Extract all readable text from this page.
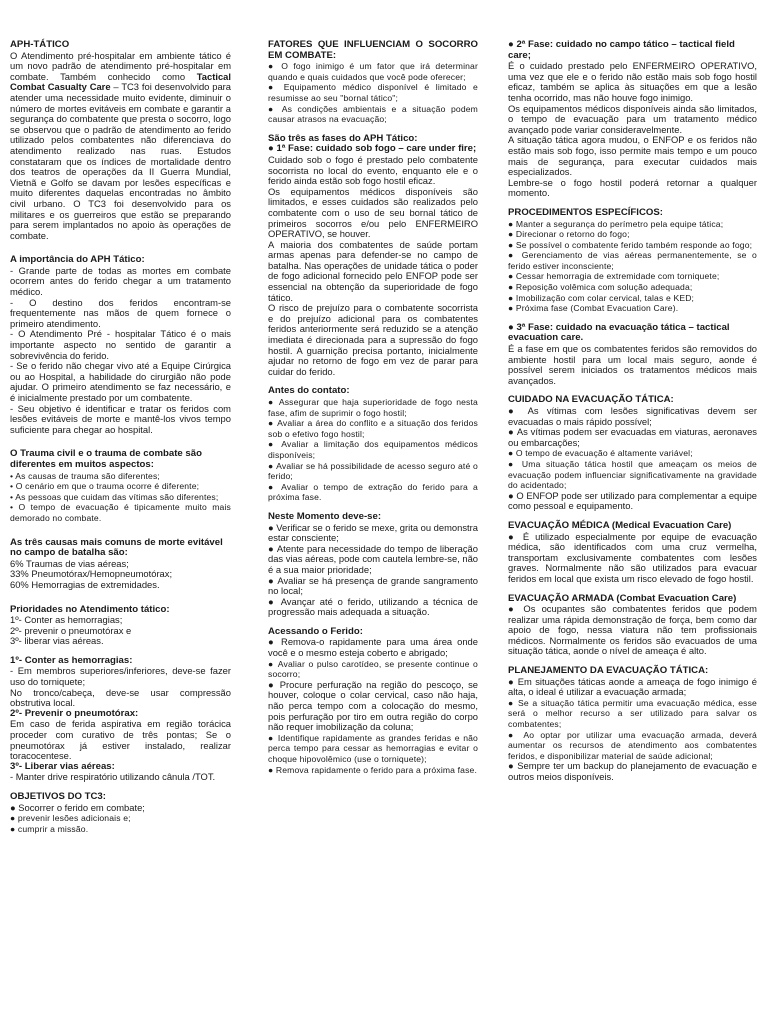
APH-TÁTICO

O Atendimento pré-hospitalar em ambiente tático é um novo padrão de atendimento pré-hospitalar em combate. Também conhecido como Tactical Combat Casualty Care – TC3 foi desenvolvido para atender uma necessidade muito evidente, diminuir o número de mortes evitáveis em combate e garantir a segurança do combatente que presta o socorro, logo se observou que o padrão de atendimento ao ferido utilizado pelos combatentes não diferenciava do atendimento realizado nas ruas. Estudos constataram que os índices de mortalidade dentro dos teatros de operações da II Guerra Mundial, Vietnã e Golfo se davam por lesões específicas e muito diferentes daquelas encontradas no âmbito civil urbano. O TC3 foi desenvolvido para os militares e os guerreiros que estão se preparando para serem implantados no apoio às operações de combate.

A importância do APH Tático:
- Grande parte de todas as mortes em combate ocorrem antes do ferido chegar a um tratamento médico.
- O destino dos feridos encontram-se frequentemente nas mãos de quem fornece o primeiro atendimento.
- O Atendimento Pré - hospitalar Tático é o mais importante aspecto no sentido de garantir a sobrevivência do ferido.
- Se o ferido não chegar vivo até a Equipe Cirúrgica ou ao Hospital, a habilidade do cirurgião não pode ajudar. O primeiro atendimento se faz necessário, e é inicialmente prestado por um combatente.
- Seu objetivo é identificar e tratar os feridos com lesões evitáveis de morte e mantê-los vivos tempo suficiente para chegar ao hospital.
O Trauma civil e o trauma de combate são diferentes em muitos aspectos:
• As causas de trauma são diferentes;
• O cenário em que o trauma ocorre é diferente;
• As pessoas que cuidam das vítimas são diferentes;
• O tempo de evacuação é tipicamente muito mais demorado no combate.
As três causas mais comuns de morte evitável no campo de batalha são:
6% Traumas de vias aéreas;
33% Pneumotórax/Hemopneumotórax;
60% Hemorragias de extremidades.
Prioridades no Atendimento tático:
1º- Conter as hemorragias;
2º- prevenir o pneumotórax e
3º- liberar vias aéreas.
1º- Conter as hemorragias:
- Em membros superiores/inferiores, deve-se fazer uso do torniquete;
No tronco/cabeça, deve-se usar compressão obstrutiva local.
2º- Prevenir o pneumotórax:

Em caso de ferida aspirativa em região torácica proceder com curativo de três pontas; Se o pneumotórax já estiver instalado, realizar toracocentese.

3º- Liberar vias aéreas:

- Manter drive respiratório utilizando cânula /TOT.

OBJETIVOS DO TC3:
● Socorrer o ferido em combate;
● prevenir lesões adicionais e;
● cumprir a missão.
FATORES QUE INFLUENCIAM O SOCORRO EM COMBATE:
● O fogo inimigo é um fator que irá determinar quando e quais cuidados que você pode oferecer;
● Equipamento médico disponível é limitado e resumisse ao seu "bornal tático";
● As condições ambientais e a situação podem causar atrasos na evacuação;
São três as fases do APH Tático:
● 1ª Fase: cuidado sob fogo – care under fire;

Cuidado sob o fogo é prestado pelo combatente socorrista no local do evento, enquanto ele e o ferido ainda estão sob fogo hostil eficaz.

Os equipamentos médicos disponíveis são limitados, e esses cuidados são realizados pelo combatente com o uso de seu bornal tático de primeiros socorros e/ou pelo ENFERMEIRO OPERATIVO, se houver.

A maioria dos combatentes de saúde portam armas apenas para defender-se no campo de batalha. Nas operações de unidade tática o poder de fogo adicional fornecido pelo ENFOP pode ser essencial na obtenção da superioridade de fogo tático.

O risco de prejuízo para o combatente socorrista e do prejuízo adicional para os combatentes feridos anteriormente será reduzido se a atenção imediata é direcionada para a supressão do fogo hostil. A guarnição precisa portanto, inicialmente ajudar no retorno de fogo em vez de parar para cuidar do ferido.

Antes do contato:
● Assegurar que haja superioridade de fogo nesta fase, afim de suprimir o fogo hostil;
● Avaliar a área do conflito e a situação dos feridos sob o efetivo fogo hostil;
● Avaliar a limitação dos equipamentos médicos disponíveis;
● Avaliar se há possibilidade de acesso seguro até o ferido;
● Avaliar o tempo de extração do ferido para a próxima fase.
Neste Momento deve-se:
● Verificar se o ferido se mexe, grita ou demonstra estar consciente;
● Atente para necessidade do tempo de liberação das vias aéreas, pode com cautela lembre-se, não é a sua maior prioridade;
● Avaliar se há presença de grande sangramento no local;
● Avançar até o ferido, utilizando a técnica de progressão mais adequada a situação.
Acessando o Ferido:
● Remova-o rapidamente para uma área onde você e o mesmo esteja coberto e abrigado;
● Avaliar o pulso carotídeo, se presente continue o socorro;
● Procure perfuração na região do pescoço, se houver, coloque o colar cervical, caso não haja, não perca tempo com a colocação do mesmo, pois perfuração por tiro em outra região do corpo não requer imobilização da coluna;
● Identifique rapidamente as grandes feridas e não perca tempo para cessar as hemorragias e evitar o choque hipovolêmico (use o torniquete);
● Remova rapidamente o ferido para a próxima fase.
● 2ª Fase: cuidado no campo tático – tactical field care;

É o cuidado prestado pelo ENFERMEIRO OPERATIVO, uma vez que ele e o ferido não estão mais sob fogo hostil eficaz, também se aplica às situações em que a lesão tenha ocorrido, mas não houve fogo inimigo.

Os equipamentos médicos disponíveis ainda são limitados, o tempo de evacuação para um tratamento médico avançado pode variar consideravelmente.

A situação tática agora mudou, o ENFOP e os feridos não estão mais sob fogo, isso permite mais tempo e um pouco mais de segurança, para executar cuidados mais especializados.

Lembre-se o fogo hostil poderá retornar a qualquer momento.

PROCEDIMENTOS ESPECÍFICOS:
● Manter a segurança do perímetro pela equipe tática;
● Direcionar o retorno do fogo;
● Se possível o combatente ferido também responde ao fogo;
● Gerenciamento de vias aéreas permanentemente, se o ferido estiver inconsciente;
● Cessar hemorragia de extremidade com torniquete;
● Reposição volêmica com solução adequada;
● Imobilização com colar cervical, talas e KED;
● Próxima fase (Combat Evacuation Care).
● 3ª Fase: cuidado na evacuação tática – tactical evacuation care.

É a fase em que os combatentes feridos são removidos do ambiente hostil para um local mais seguro, aonde é possível serem iniciados os tratamentos médicos mais avançados.

CUIDADO NA EVACUAÇÃO TÁTICA:
● As vítimas com lesões significativas devem ser evacuadas o mais rápido possível;
● As vítimas podem ser evacuadas em viaturas, aeronaves ou embarcações;
● O tempo de evacuação é altamente variável;
● Uma situação tática hostil que ameaçam os meios de evacuação podem influenciar significativamente na gravidade do acidentado;
● O ENFOP pode ser utilizado para complementar a equipe como pessoal e equipamento.
EVACUAÇÃO MÉDICA (Medical Evacuation Care)

● É utilizado especialmente por equipe de evacuação médica, são identificados com uma cruz vermelha, transportam exclusivamente combatentes com lesões graves. Normalmente não são utilizados para evacuar feridos em local que exista um risco elevado de fogo hostil.

EVACUAÇÃO ARMADA (Combat Evacuation Care)

● Os ocupantes são combatentes feridos que podem realizar uma rápida demonstração de força, bem como dar apoio de fogo, nessa viatura não tem profissionais médicos. Normalmente os feridos são evacuados de uma situação tática, aonde o nível de ameaça é alto.

PLANEJAMENTO DA EVACUAÇÃO TÁTICA:
● Em situações táticas aonde a ameaça de fogo inimigo é alta, o ideal é utilizar a evacuação armada;
● Se a situação tática permitir uma evacuação médica, esse será o melhor recurso a ser utilizado para salvar os combatentes;
● Ao optar por utilizar uma evacuação armada, deverá aumentar os recursos de atendimento aos combatentes feridos, e disponibilizar material de saúde adicional;
● Sempre ter um backup do planejamento de evacuação e outros meios disponíveis.
